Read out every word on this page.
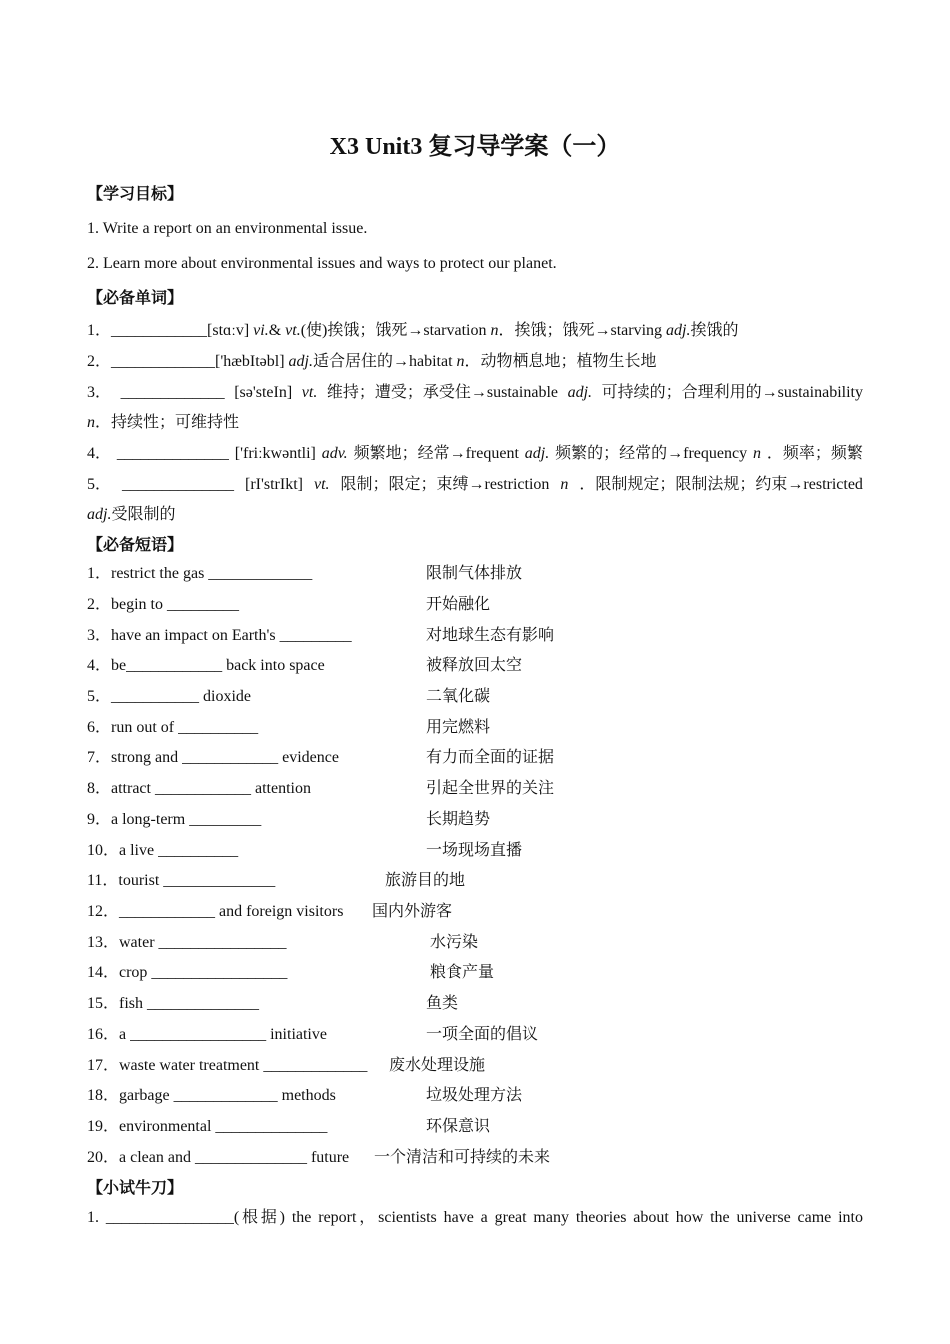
X3 Unit3 复习导学案（一）
【学习目标】
1. Write a report on an environmental issue.
2. Learn more about environmental issues and ways to protect our planet.
【必备单词】
1．____________[stɑːv] vi.& vt.(使)挨饿；饿死→starvation n．挨饿；饿死→starving adj.挨饿的
2．_____________['hæbItəbl] adj.适合居住的→habitat n．动物栖息地；植物生长地
3． _____________ [sə'steIn] vt. 维持；遭受；承受住→sustainable adj. 可持续的；合理利用的→sustainability
n．持续性；可维持性
4． ______________ ['friːkwəntli] adv. 频繁地；经常→frequent adj. 频繁的；经常的→frequency n ．频率；频繁
5． ______________ [rI'strIkt] vt. 限制；限定；束缚→restriction n ．限制规定；限制法规；约束→restricted
adj.受限制的
【必备短语】
1．restrict the gas _____________	限制气体排放
2．begin to _________	开始融化
3．have an impact on Earth's _________	对地球生态有影响
4．be____________ back into space	被释放回太空
5．___________ dioxide	二氧化碳
6．run out of __________	用完燃料
7．strong and ____________ evidence	有力而全面的证据
8．attract ____________ attention	引起全世界的关注
9．a long-term _________	长期趋势
10．a live __________	一场现场直播
11．tourist ______________	旅游目的地
12．____________ and foreign visitors 国内外游客
13．water ________________	水污染
14．crop _________________	粮食产量
15．fish ______________	鱼类
16．a _________________ initiative	一项全面的倡议
17．waste water treatment _____________ 废水处理设施
18．garbage _____________ methods	垃圾处理方法
19．environmental ______________	环保意识
20．a clean and ______________ future 一个清洁和可持续的未来
【小试牛刀】
1. ________________(根据) the report，scientists have a great many theories about how the universe came into
